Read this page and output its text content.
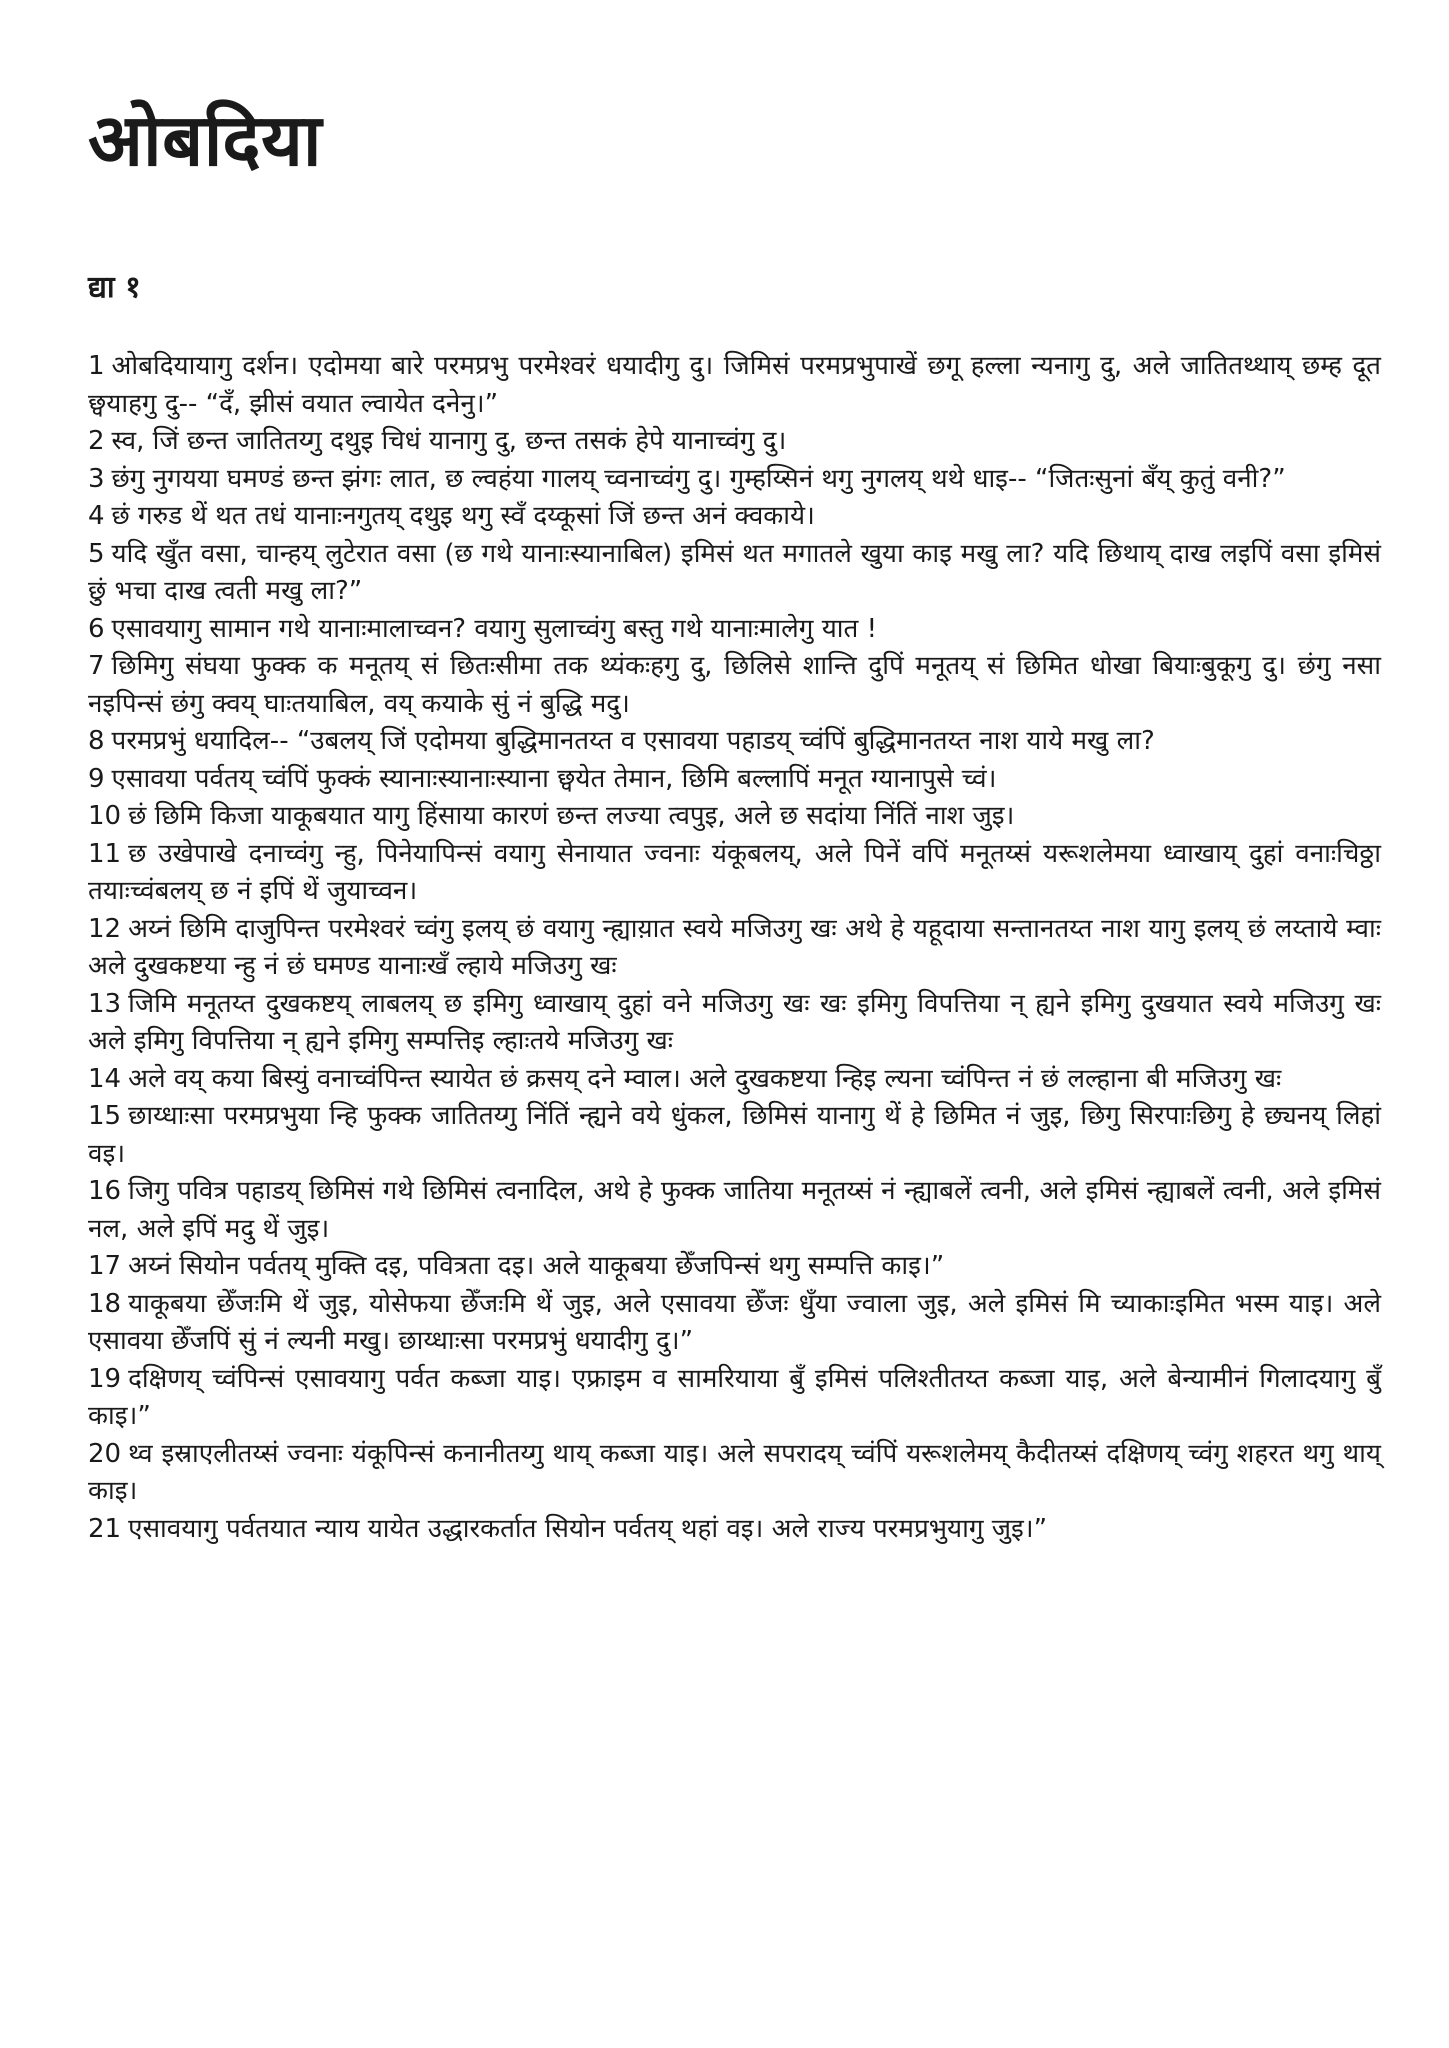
ओबदिया
द्या १

1 ओबदियायागु दर्शन। एदोमया बारे परमप्रभु परमेश्वरं धयादीगु दु। जिमिसं परमप्रभुपाखें छगू हल्ला न्यनागु दु, अले जातितथ्थाय् छम्ह दूत छ्वयाहगु दु-- “दँ, झीसं वयात ल्वायेत दनेनु।”

2 स्व, जिं छन्त जातितय्गु दथुइ चिधं यानागु दु, छन्त तसकं हेपे यानाच्वंगु दु।

3 छंगु नुगयया घमण्डं छन्त झंगः लात, छ ल्वहंया गालय् च्वनाच्वंगु दु। गुम्हय्सिनं थगु नुगलय् थथे धाइ-- “जितःसुनां बँय् कुतुं वनी?”

4 छं गरुड थें थत तधं यानाःनगुतय् दथुइ थगु स्वँ दय्कूसां जिं छन्त अनं क्वकाये।

5 यदि खुँत वसा, चान्हय् लुटेरात वसा (छ गथे यानाःस्यानाबिल) इमिसं थत मगातले खुया काइ मखु ला? यदि छिथाय् दाख लइपिं वसा इमिसं छुं भचा दाख त्वती मखु ला?”

6 एसावयागु सामान गथे यानाःमालाच्वन? वयागु सुलाच्वंगु बस्तु गथे यानाःमालेगु यात !

7 छिमिगु संघया फुक्क क मनूतय् सं छितःसीमा तक थ्यंकःहगु दु, छिलिसे शान्ति दुपिं मनूतय् सं छिमित धोखा बियाःबुकूगु दु। छंगु नसा नइपिन्सं छंगु क्वय् घाःतयाबिल, वय् कयाके सुं नं बुद्धि मदु।

8 परमप्रभुं धयादिल-- “उबलय् जिं एदोमया बुद्धिमानतय्त व एसावया पहाडय् च्वंपिं बुद्धिमानतय्त नाश याये मखु ला?

9 एसावया पर्वतय् च्वंपिं फुक्कं स्यानाःस्यानाःस्याना छ्वयेत तेमान, छिमि बल्लापिं मनूत ग्यानापुसे च्वं।

10 छं छिमि किजा याकूबयात यागु हिंसाया कारणं छन्त लज्या त्वपुइ, अले छ सदांया निंतिं नाश जुइ।

11 छ उखेपाखे दनाच्वंगु न्हु, पिनेयापिन्सं वयागु सेनायात ज्वनाः यंकूबलय्, अले पिनें वपिं मनूतय्सं यरूशलेमया ध्वाखाय् दुहां वनाःचिठ्ठा तयाःच्वंबलय् छ नं इपिं थें जुयाच्वन।

12 अय्नं छिमि दाजुपिन्त परमेश्वरं च्वंगु इलय् छं वयागु न्ह्याय़ात स्वये मजिउगु खः अथे हे यहूदाया सन्तानतय्त नाश यागु इलय् छं लय्ताये म्वाः अले दुखकष्टया न्हु नं छं घमण्ड यानाःखँ ल्हाये मजिउगु खः

13 जिमि मनूतय्त दुखकष्टय् लाबलय् छ इमिगु ध्वाखाय् दुहां वने मजिउगु खः खः इमिगु विपत्तिया न् ह्यने इमिगु दुखयात स्वये मजिउगु खः अले इमिगु विपत्तिया न् ह्यने इमिगु सम्पत्तिइ ल्हाःतये मजिउगु खः

14 अले वय् कया बिस्युं वनाच्वंपिन्त स्यायेत छं क्रसय् दने म्वाल। अले दुखकष्टया न्हिइ ल्यना च्वंपिन्त नं छं लल्हाना बी मजिउगु खः

15 छाय्धाःसा परमप्रभुया न्हि फुक्क जातितय्गु निंतिं न्ह्यने वये धुंकल, छिमिसं यानागु थें हे छिमित नं जुइ, छिगु सिरपाःछिगु हे छ्यनय् लिहां वइ।

16 जिगु पवित्र पहाडय् छिमिसं गथे छिमिसं त्वनादिल, अथे हे फुक्क जातिया मनूतय्सं नं न्ह्याबलें त्वनी, अले इमिसं न्ह्याबलें त्वनी, अले इमिसं नल, अले इपिं मदु थें जुइ।

17 अय्नं सियोन पर्वतय् मुक्ति दइ, पवित्रता दइ। अले याकूबया छेँजपिन्सं थगु सम्पत्ति काइ।”

18 याकूबया छेँजःमि थें जुइ, योसेफया छेँजःमि थें जुइ, अले एसावया छेँजः धुँया ज्वाला जुइ, अले इमिसं मि च्याकाःइमित भस्म याइ। अले एसावया छेँजपिं सुं नं ल्यनी मखु। छाय्धाःसा परमप्रभुं धयादीगु दु।”

19 दक्षिणय् च्वंपिन्सं एसावयागु पर्वत कब्जा याइ। एफ्राइम व सामरियाया बुँ इमिसं पलिश्तीतय्त कब्जा याइ, अले बेन्यामीनं गिलादयागु बुँ काइ।”

20 थ्व इस्राएलीतय्सं ज्वनाः यंकूपिन्सं कनानीतय्गु थाय् कब्जा याइ। अले सपरादय् च्वंपिं यरूशलेमय् कैदीतय्सं दक्षिणय् च्वंगु शहरत थगु थाय् काइ।

21 एसावयागु पर्वतयात न्याय यायेत उद्धारकर्तात सियोन पर्वतय् थहां वइ। अले राज्य परमप्रभुयागु जुइ।”
